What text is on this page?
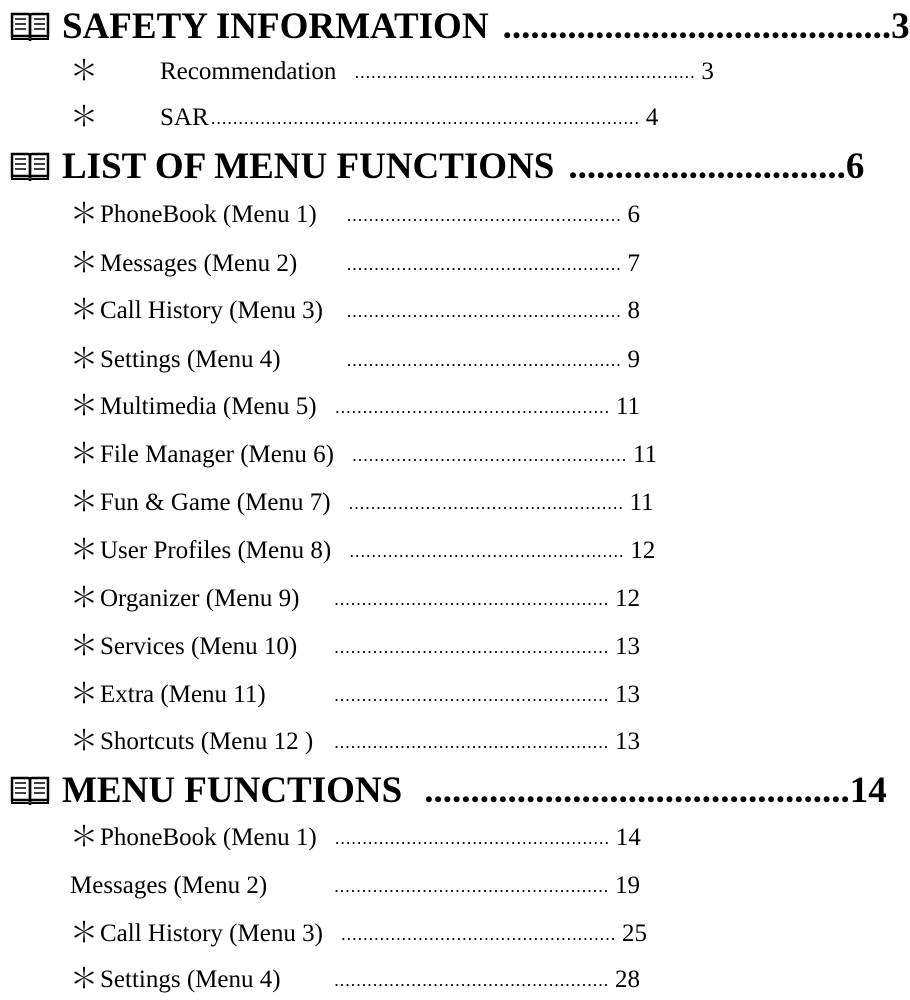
SAFETY INFORMATION .......................................... 3
＊	Recommendation .............................................................. 3
＊	SAR .............................................................................. 4
LIST OF MENU FUNCTIONS .............................. 6
＊ PhoneBook (Menu 1)	.................................................. 6
＊ Messages (Menu 2)	.................................................. 7
＊ Call History (Menu 3)	.................................................. 8
＊ Settings (Menu 4)	.................................................. 9
＊ Multimedia (Menu 5) .................................................. 11
＊ File Manager (Menu 6) .................................................. 11
＊ Fun & Game (Menu 7) .................................................. 11
＊ User Profiles (Menu 8) .................................................. 12
＊ Organizer (Menu 9)	.................................................. 12
＊ Services (Menu 10)	.................................................. 13
＊ Extra (Menu 11)	.................................................. 13
＊ Shortcuts (Menu 12 ) .................................................. 13
MENU FUNCTIONS .............................................. 14
＊ PhoneBook (Menu 1) .................................................. 14
Messages (Menu 2)	.................................................. 19
＊ Call History (Menu 3) .................................................. 25
＊ Settings (Menu 4)	.................................................. 28
